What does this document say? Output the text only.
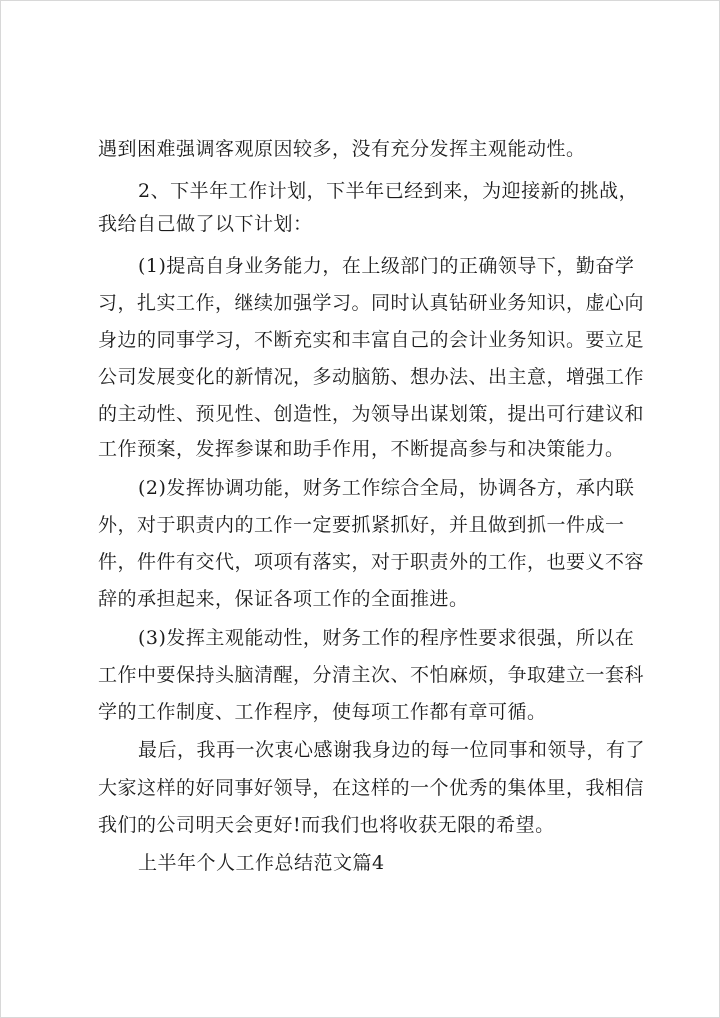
遇到困难强调客观原因较多，没有充分发挥主观能动性。
2、下半年工作计划，下半年已经到来，为迎接新的挑战，
我给自己做了以下计划：
(1)提高自身业务能力，在上级部门的正确领导下，勤奋学
习，扎实工作，继续加强学习。同时认真钻研业务知识，虚心向
身边的同事学习，不断充实和丰富自己的会计业务知识。要立足
公司发展变化的新情况，多动脑筋、想办法、出主意，增强工作
的主动性、预见性、创造性，为领导出谋划策，提出可行建议和
工作预案，发挥参谋和助手作用，不断提高参与和决策能力。
(2)发挥协调功能，财务工作综合全局，协调各方，承内联
外，对于职责内的工作一定要抓紧抓好，并且做到抓一件成一
件，件件有交代，项项有落实，对于职责外的工作，也要义不容
辞的承担起来，保证各项工作的全面推进。
(3)发挥主观能动性，财务工作的程序性要求很强，所以在
工作中要保持头脑清醒，分清主次、不怕麻烦，争取建立一套科
学的工作制度、工作程序，使每项工作都有章可循。
最后，我再一次衷心感谢我身边的每一位同事和领导，有了
大家这样的好同事好领导，在这样的一个优秀的集体里，我相信
我们的公司明天会更好!而我们也将收获无限的希望。
上半年个人工作总结范文篇4
